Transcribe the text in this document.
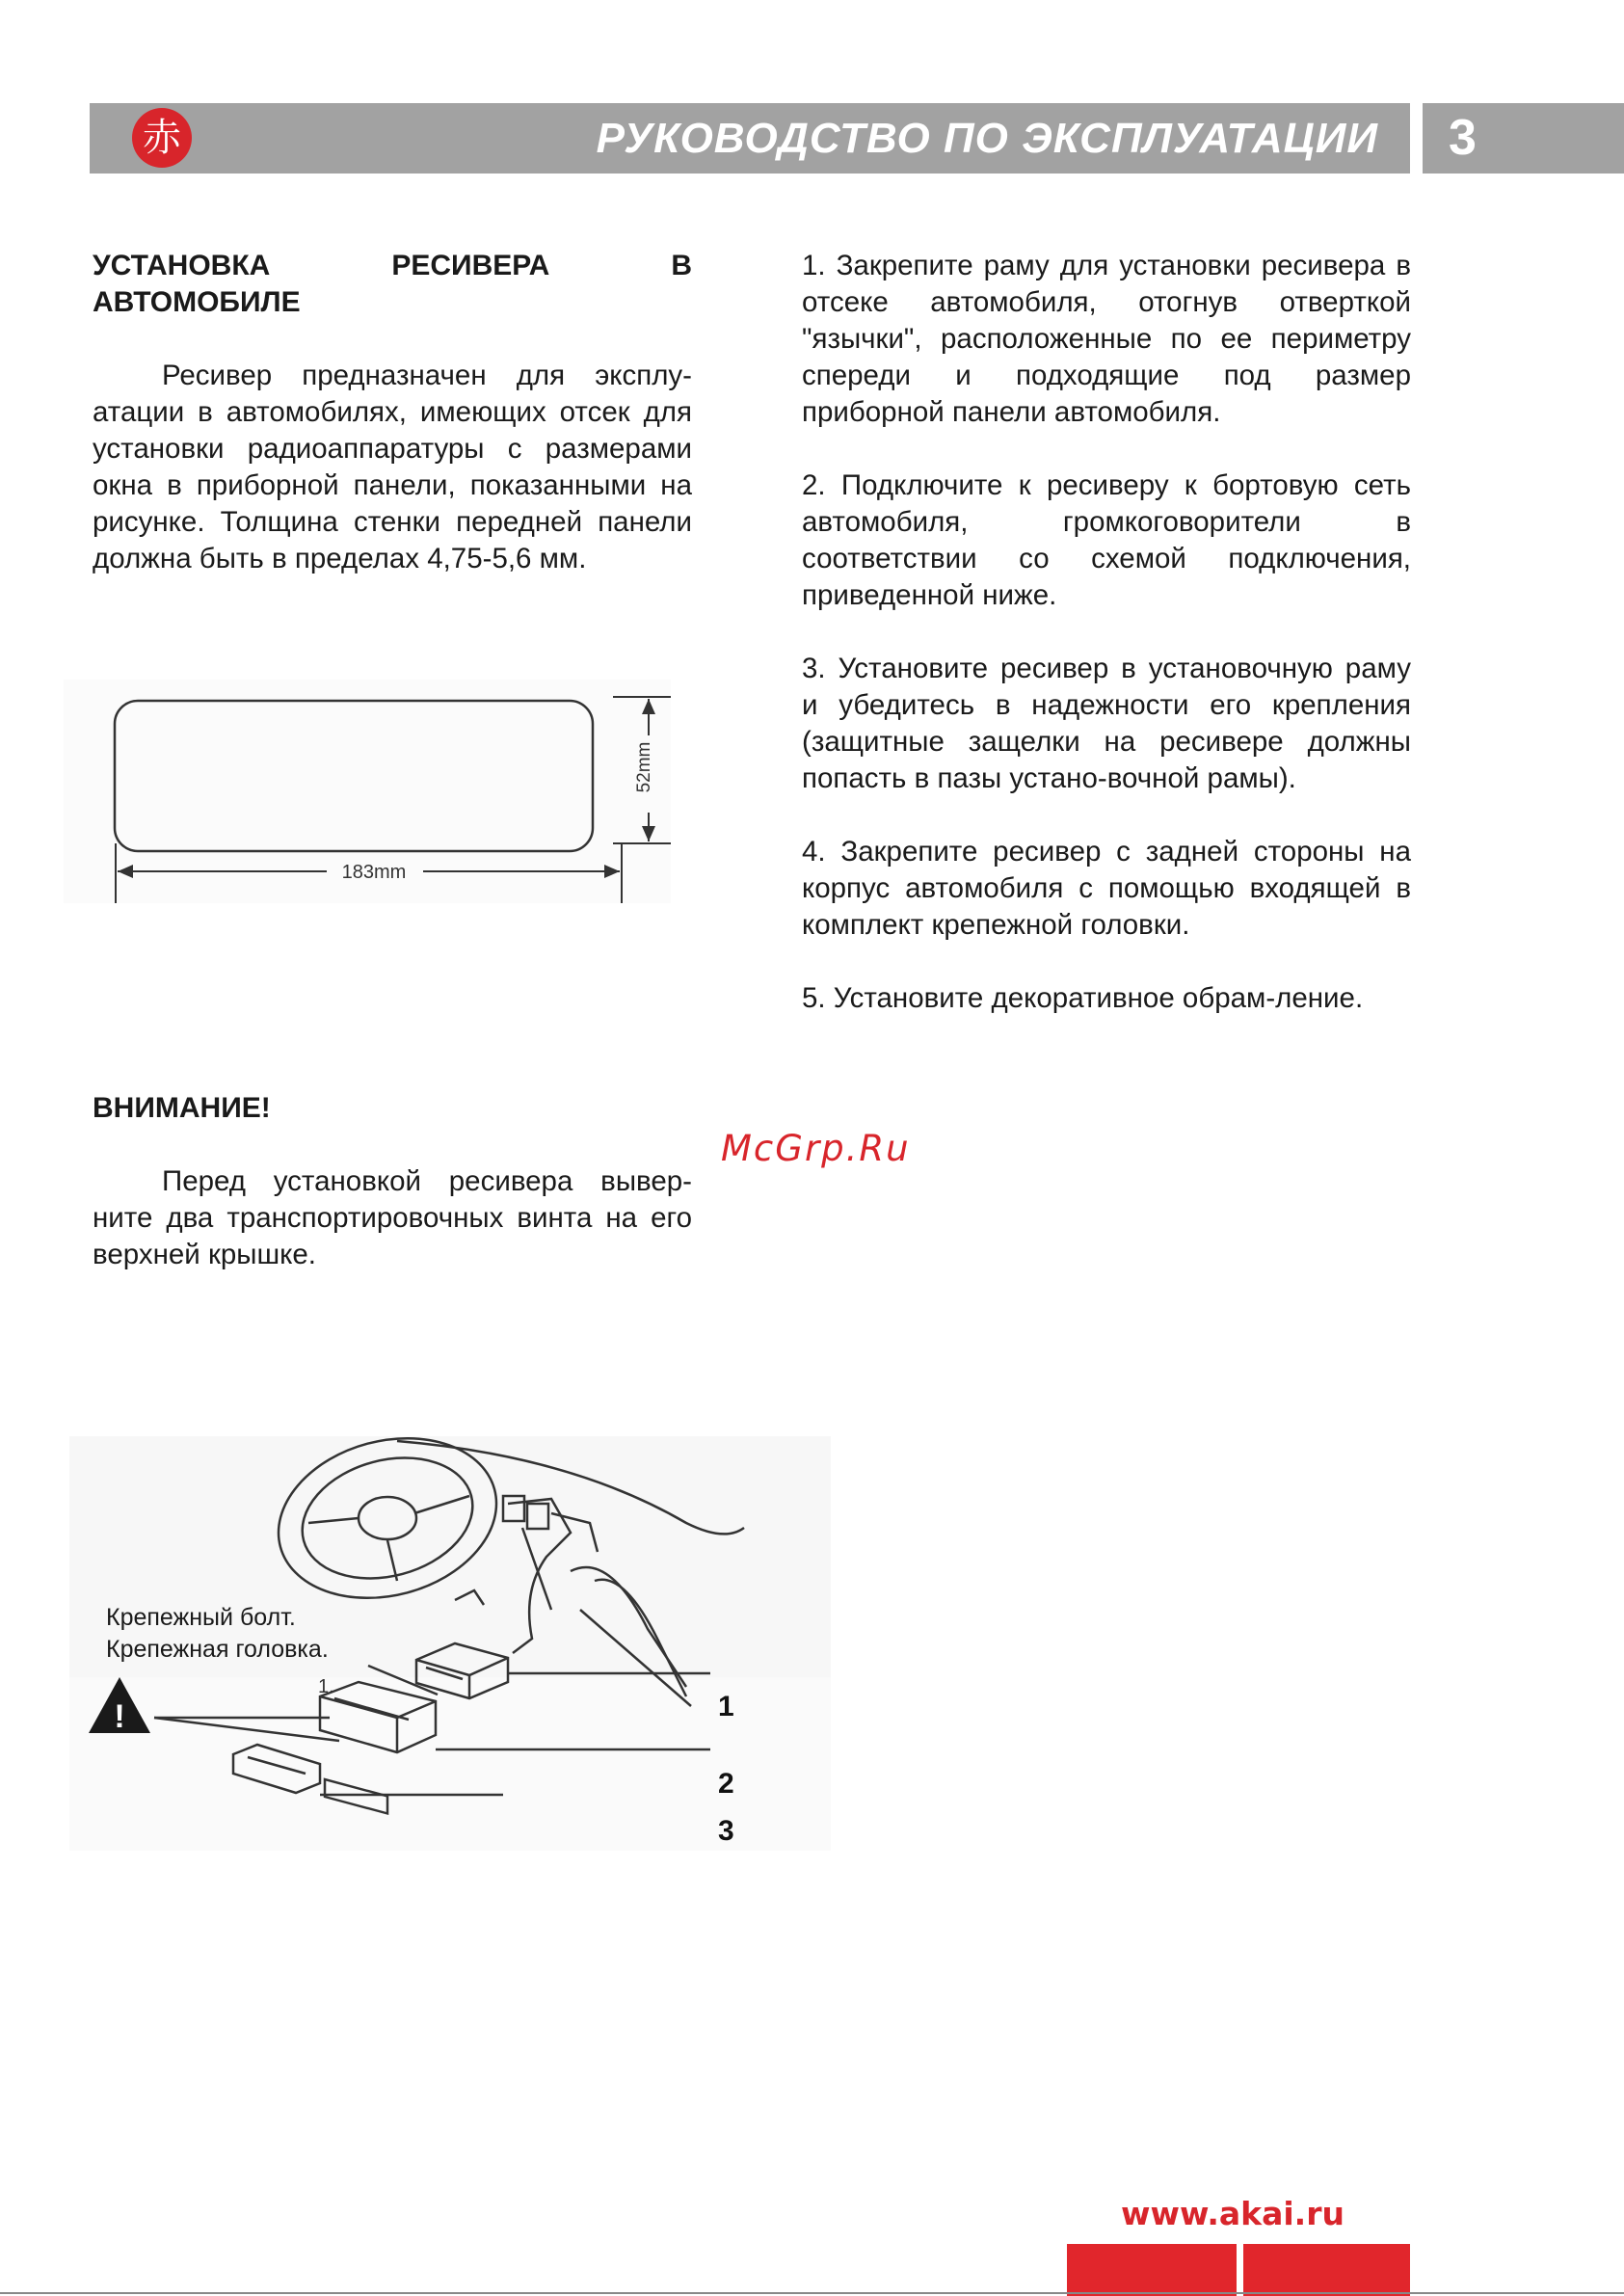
赤	РУКОВОДСТВО ПО ЭКСПЛУАТАЦИИ 3
УСТАНОВКА	РЕСИВЕРА	В
АВТОМОБИЛЕ

Ресивер предназначен для эксплу-атации в автомобилях, имеющих отсек для установки радиоаппаратуры с размерами окна в приборной панели, показанными на рисунке. Толщина стенки передней панели должна быть в пределах 4,75-5,6 мм.

52mm
183mm
ВНИМАНИЕ!

Перед установкой ресивера вывер-ните два транспортировочных винта на его верхней крышке.

1. Закрепите раму для установки ресивера в отсеке автомобиля, отогнув отверткой "язычки", расположенные по ее периметру спереди и подходящие под размер приборной панели автомобиля.

2. Подключите к ресиверу к бортовую сеть автомобиля, громкоговорители в соответствии со схемой подключения, приведенной ниже.

3. Установите ресивер в установочную раму и убедитесь в надежности его крепления (защитные защелки на ресивере должны попасть в пазы устано-вочной рамы).

4. Закрепите ресивер с задней стороны на корпус автомобиля с помощью входящей в комплект крепежной головки.

5. Установите декоративное обрам-ление.

McGrp.Ru
!
1.
Крепежный болт.
Крепежная головка.
1
2
3
www.akai.ru
